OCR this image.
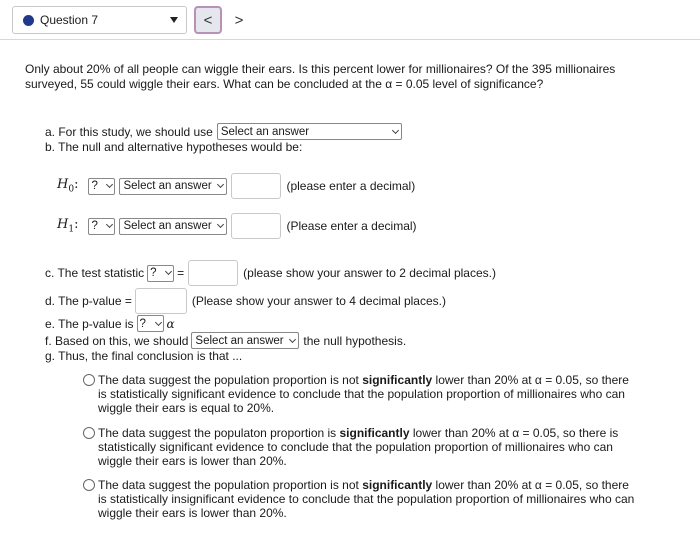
Question 7	< >
Only about 20% of all people can wiggle their ears. Is this percent lower for millionaires? Of the 395 millionaires surveyed, 55 could wiggle their ears. What can be concluded at the α = 0.05 level of significance?
a. For this study, we should use Select an answer
b. The null and alternative hypotheses would be:
$H_0$: ? Select an answer	(please enter a decimal)
$H_1$: ? Select an answer	(Please enter a decimal)
c. The test statistic ? =	(please show your answer to 2 decimal places.)
d. The p-value =	(Please show your answer to 4 decimal places.)
e. The p-value is ? α
f. Based on this, we should Select an answer the null hypothesis.
g. Thus, the final conclusion is that ...
The data suggest the population proportion is not significantly lower than 20% at α = 0.05, so there is statistically significant evidence to conclude that the population proportion of millionaires who can wiggle their ears is equal to 20%.
The data suggest the populaton proportion is significantly lower than 20% at α = 0.05, so there is statistically significant evidence to conclude that the population proportion of millionaires who can wiggle their ears is lower than 20%.
The data suggest the population proportion is not significantly lower than 20% at α = 0.05, so there is statistically insignificant evidence to conclude that the population proportion of millionaires who can wiggle their ears is lower than 20%.
